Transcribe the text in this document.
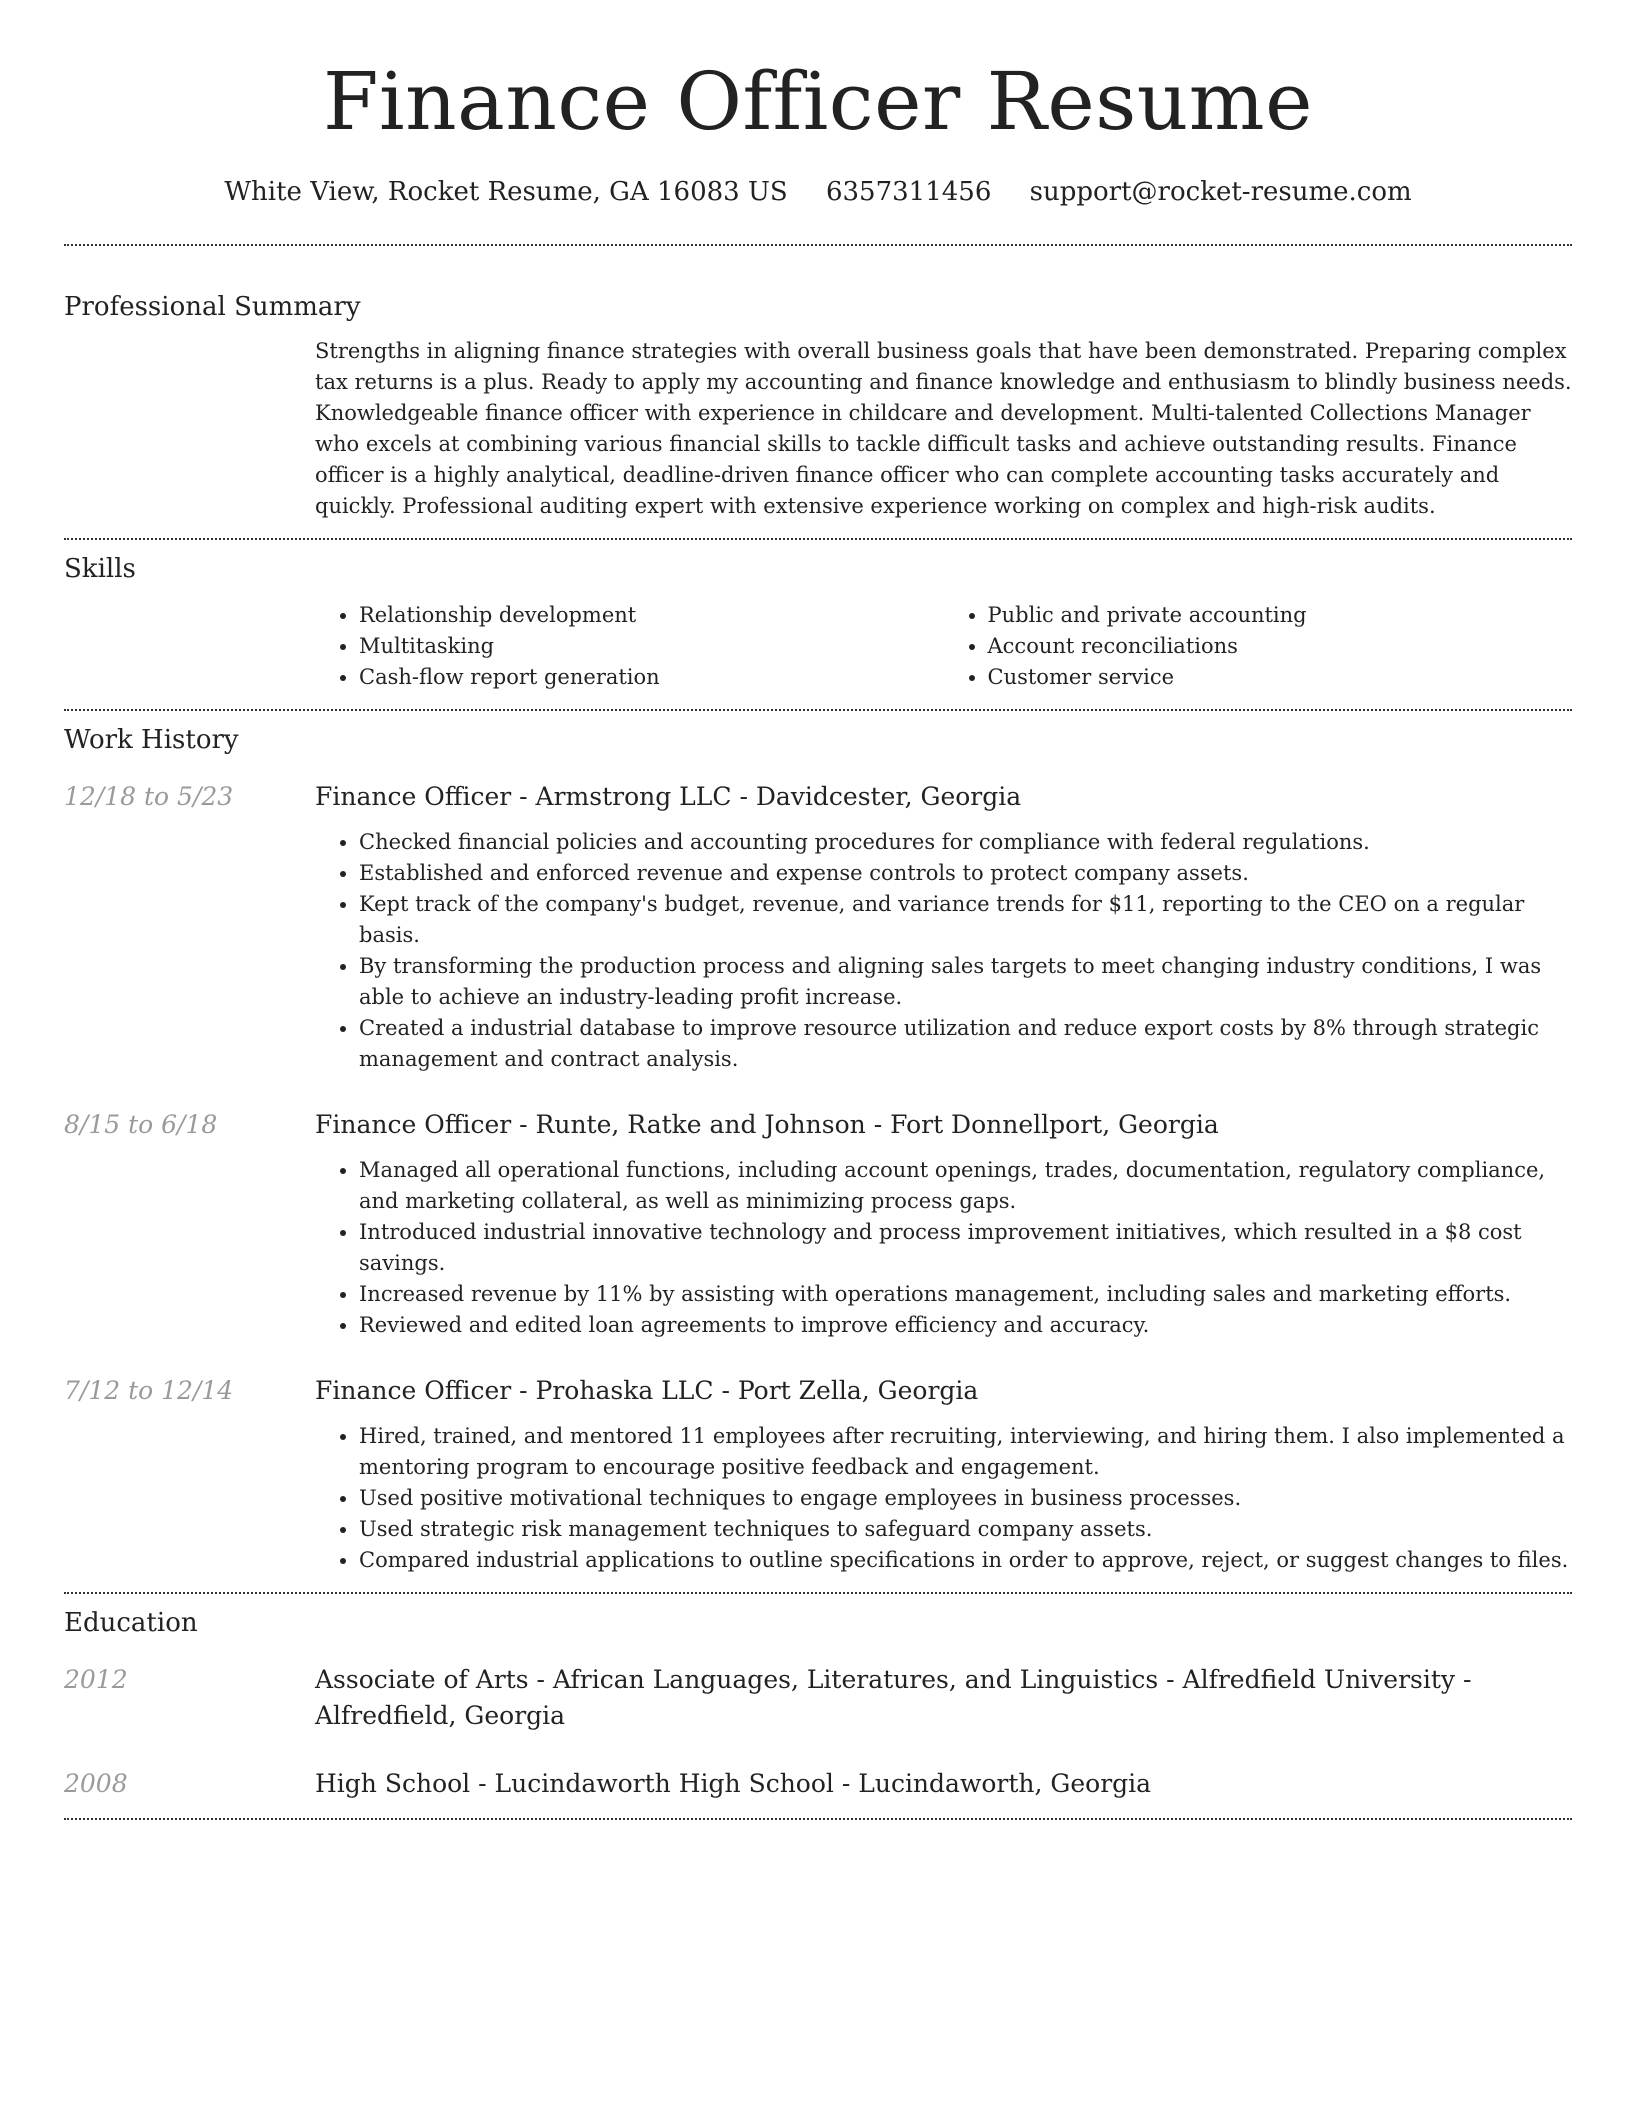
Finance Officer Resume
White View, Rocket Resume, GA 16083 US 6357311456 support@rocket-resume.com
Professional Summary
Strengths in aligning finance strategies with overall business goals that have been demonstrated. Preparing complex tax returns is a plus. Ready to apply my accounting and finance knowledge and enthusiasm to blindly business needs. Knowledgeable finance officer with experience in childcare and development. Multi-talented Collections Manager who excels at combining various financial skills to tackle difficult tasks and achieve outstanding results. Finance officer is a highly analytical, deadline-driven finance officer who can complete accounting tasks accurately and quickly. Professional auditing expert with extensive experience working on complex and high-risk audits.
Skills
• Relationship development
• Multitasking
• Cash-flow report generation
• Public and private accounting
• Account reconciliations
• Customer service
Work History
12/18 to 5/23	Finance Officer - Armstrong LLC - Davidcester, Georgia
• Checked financial policies and accounting procedures for compliance with federal regulations.
• Established and enforced revenue and expense controls to protect company assets.
• Kept track of the company's budget, revenue, and variance trends for $11, reporting to the CEO on a regular basis.
• By transforming the production process and aligning sales targets to meet changing industry conditions, I was able to achieve an industry-leading profit increase.
• Created a industrial database to improve resource utilization and reduce export costs by 8% through strategic management and contract analysis.
8/15 to 6/18	Finance Officer - Runte, Ratke and Johnson - Fort Donnellport, Georgia
• Managed all operational functions, including account openings, trades, documentation, regulatory compliance, and marketing collateral, as well as minimizing process gaps.
• Introduced industrial innovative technology and process improvement initiatives, which resulted in a $8 cost savings.
• Increased revenue by 11% by assisting with operations management, including sales and marketing efforts.
• Reviewed and edited loan agreements to improve efficiency and accuracy.
7/12 to 12/14	Finance Officer - Prohaska LLC - Port Zella, Georgia
• Hired, trained, and mentored 11 employees after recruiting, interviewing, and hiring them. I also implemented a mentoring program to encourage positive feedback and engagement.
• Used positive motivational techniques to engage employees in business processes.
• Used strategic risk management techniques to safeguard company assets.
• Compared industrial applications to outline specifications in order to approve, reject, or suggest changes to files.
Education
2012	Associate of Arts - African Languages, Literatures, and Linguistics - Alfredfield University - Alfredfield, Georgia
2008	High School - Lucindaworth High School - Lucindaworth, Georgia
